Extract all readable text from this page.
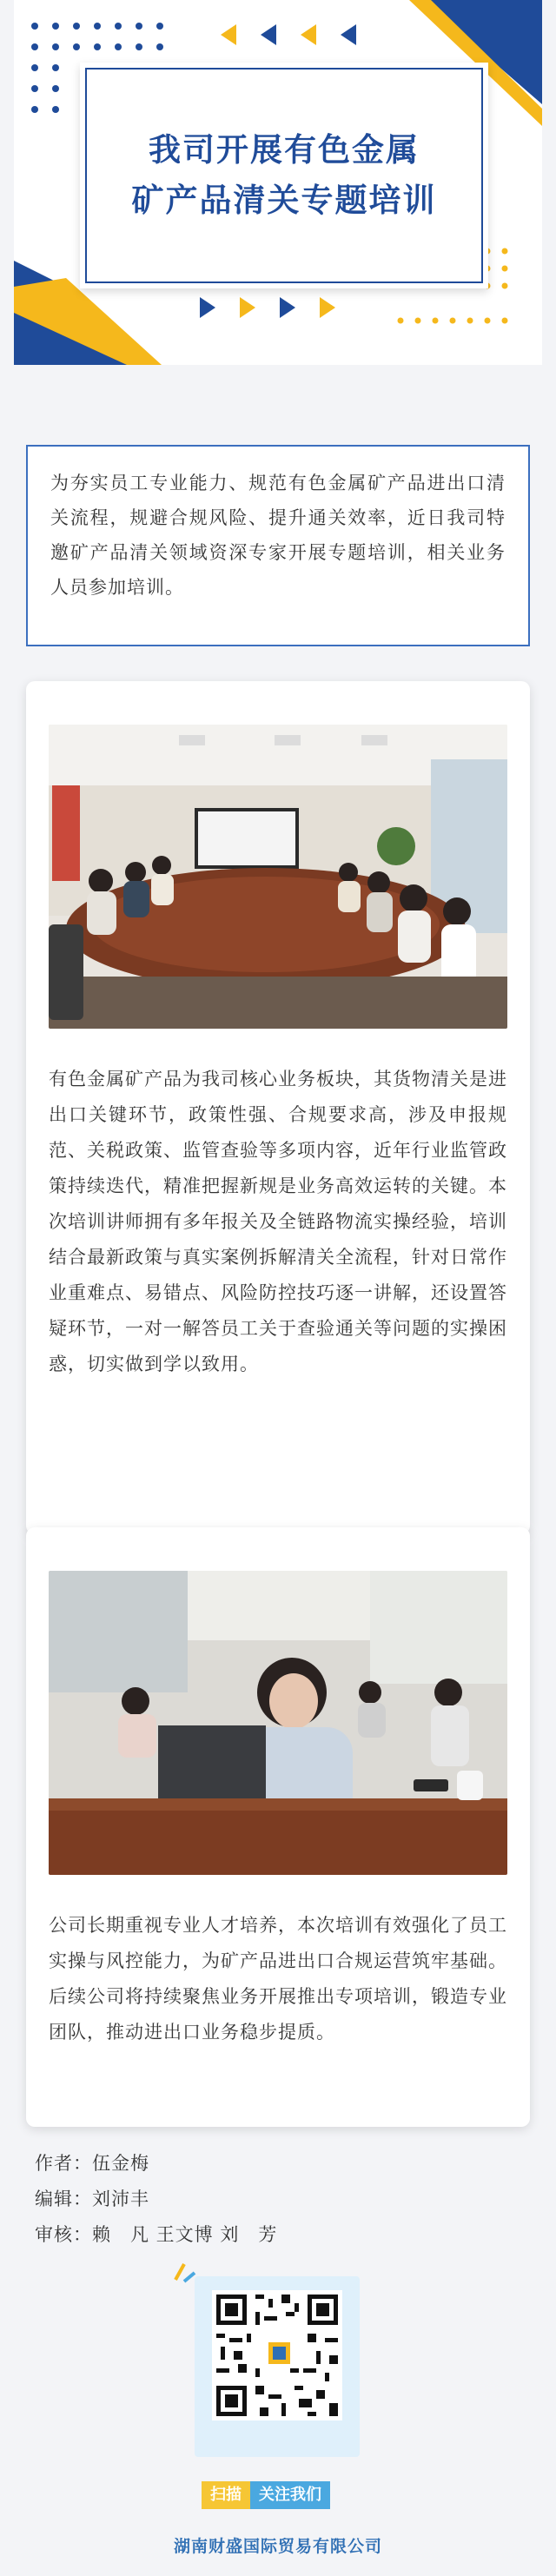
我司开展有色金属
矿产品清关专题培训

为夯实员工专业能力、规范有色金属矿产品进出口清关流程，规避合规风险、提升通关效率，近日我司特邀矿产品清关领域资深专家开展专题培训，相关业务人员参加培训。

有色金属矿产品为我司核心业务板块，其货物清关是进出口关键环节，政策性强、合规要求高，涉及申报规范、关税政策、监管查验等多项内容，近年行业监管政策持续迭代，精准把握新规是业务高效运转的关键。本次培训讲师拥有多年报关及全链路物流实操经验，培训结合最新政策与真实案例拆解清关全流程，针对日常作业重难点、易错点、风险防控技巧逐一讲解，还设置答疑环节，一对一解答员工关于查验通关等问题的实操困惑，切实做到学以致用。

公司长期重视专业人才培养，本次培训有效强化了员工实操与风控能力，为矿产品进出口合规运营筑牢基础。后续公司将持续聚焦业务开展推出专项培训，锻造专业团队，推动进出口业务稳步提质。

作者：伍金梅
编辑：刘沛丰
审核：赖　凡 王文博 刘　芳
扫描	关注我们
湖南财盛国际贸易有限公司
